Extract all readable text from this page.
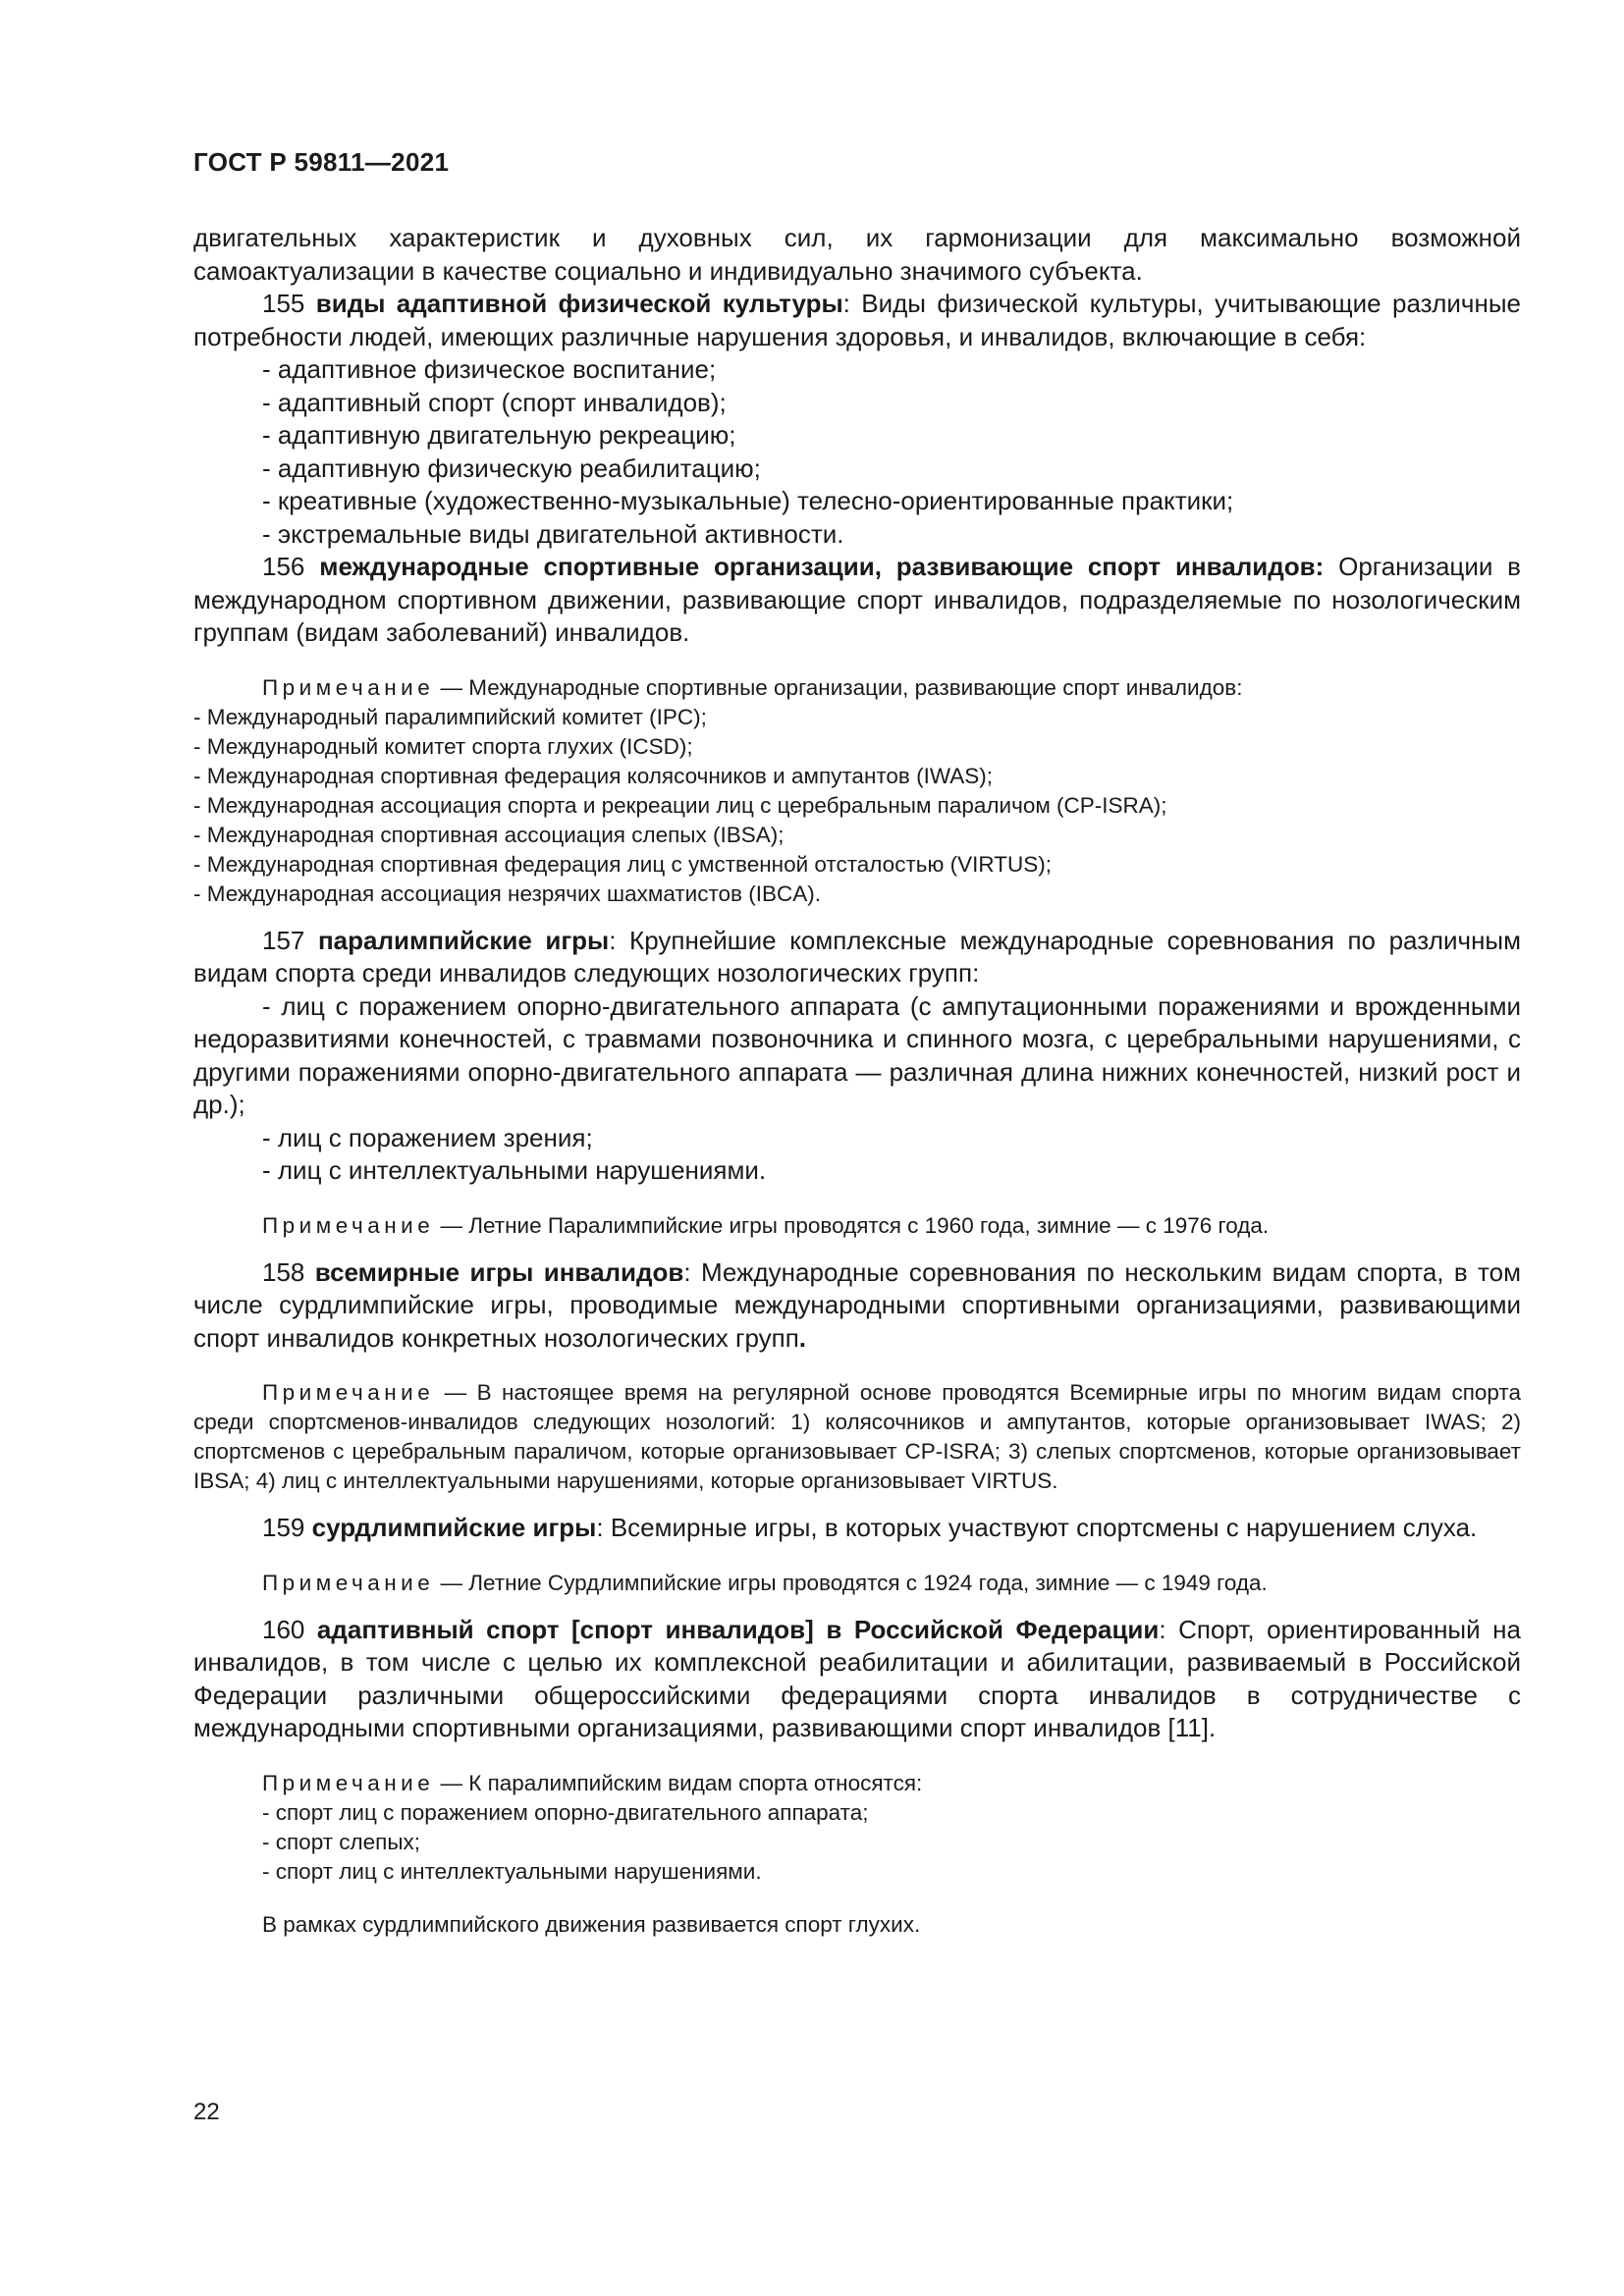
ГОСТ Р 59811—2021

двигательных характеристик и духовных сил, их гармонизации для максимально возможной самоактуализации в качестве социально и индивидуально значимого субъекта.

155 виды адаптивной физической культуры: Виды физической культуры, учитывающие различные потребности людей, имеющих различные нарушения здоровья, и инвалидов, включающие в себя:

- адаптивное физическое воспитание;

- адаптивный спорт (спорт инвалидов);

- адаптивную двигательную рекреацию;

- адаптивную физическую реабилитацию;

- креативные (художественно-музыкальные) телесно-ориентированные практики;

- экстремальные виды двигательной активности.

156 международные спортивные организации, развивающие спорт инвалидов: Организации в международном спортивном движении, развивающие спорт инвалидов, подразделяемые по нозологическим группам (видам заболеваний) инвалидов.

Примечание — Международные спортивные организации, развивающие спорт инвалидов:

- Международный паралимпийский комитет (IPC);

- Международный комитет спорта глухих (ICSD);

- Международная спортивная федерация колясочников и ампутантов (IWAS);

- Международная ассоциация спорта и рекреации лиц с церебральным параличом (CP-ISRA);

- Международная спортивная ассоциация слепых (IBSA);

- Международная спортивная федерация лиц с умственной отсталостью (VIRTUS);

- Международная ассоциация незрячих шахматистов (IBCA).

157 паралимпийские игры: Крупнейшие комплексные международные соревнования по различным видам спорта среди инвалидов следующих нозологических групп:

- лиц с поражением опорно-двигательного аппарата (с ампутационными поражениями и врожденными недоразвитиями конечностей, с травмами позвоночника и спинного мозга, с церебральными нарушениями, с другими поражениями опорно-двигательного аппарата — различная длина нижних конечностей, низкий рост и др.);

- лиц с поражением зрения;

- лиц с интеллектуальными нарушениями.

Примечание — Летние Паралимпийские игры проводятся с 1960 года, зимние — с 1976 года.

158 всемирные игры инвалидов: Международные соревнования по нескольким видам спорта, в том числе сурдлимпийские игры, проводимые международными спортивными организациями, развивающими спорт инвалидов конкретных нозологических групп.

Примечание — В настоящее время на регулярной основе проводятся Всемирные игры по многим видам спорта среди спортсменов-инвалидов следующих нозологий: 1) колясочников и ампутантов, которые организовывает IWAS; 2) спортсменов с церебральным параличом, которые организовывает CP-ISRA; 3) слепых спортсменов, которые организовывает IBSA; 4) лиц с интеллектуальными нарушениями, которые организовывает VIRTUS.

159 сурдлимпийские игры: Всемирные игры, в которых участвуют спортсмены с нарушением слуха.

Примечание — Летние Сурдлимпийские игры проводятся с 1924 года, зимние — с 1949 года.

160 адаптивный спорт [спорт инвалидов] в Российской Федерации: Спорт, ориентированный на инвалидов, в том числе с целью их комплексной реабилитации и абилитации, развиваемый в Российской Федерации различными общероссийскими федерациями спорта инвалидов в сотрудничестве с международными спортивными организациями, развивающими спорт инвалидов [11].

Примечание — К паралимпийским видам спорта относятся:

- спорт лиц с поражением опорно-двигательного аппарата;

- спорт слепых;

- спорт лиц с интеллектуальными нарушениями.

В рамках сурдлимпийского движения развивается спорт глухих.

22
